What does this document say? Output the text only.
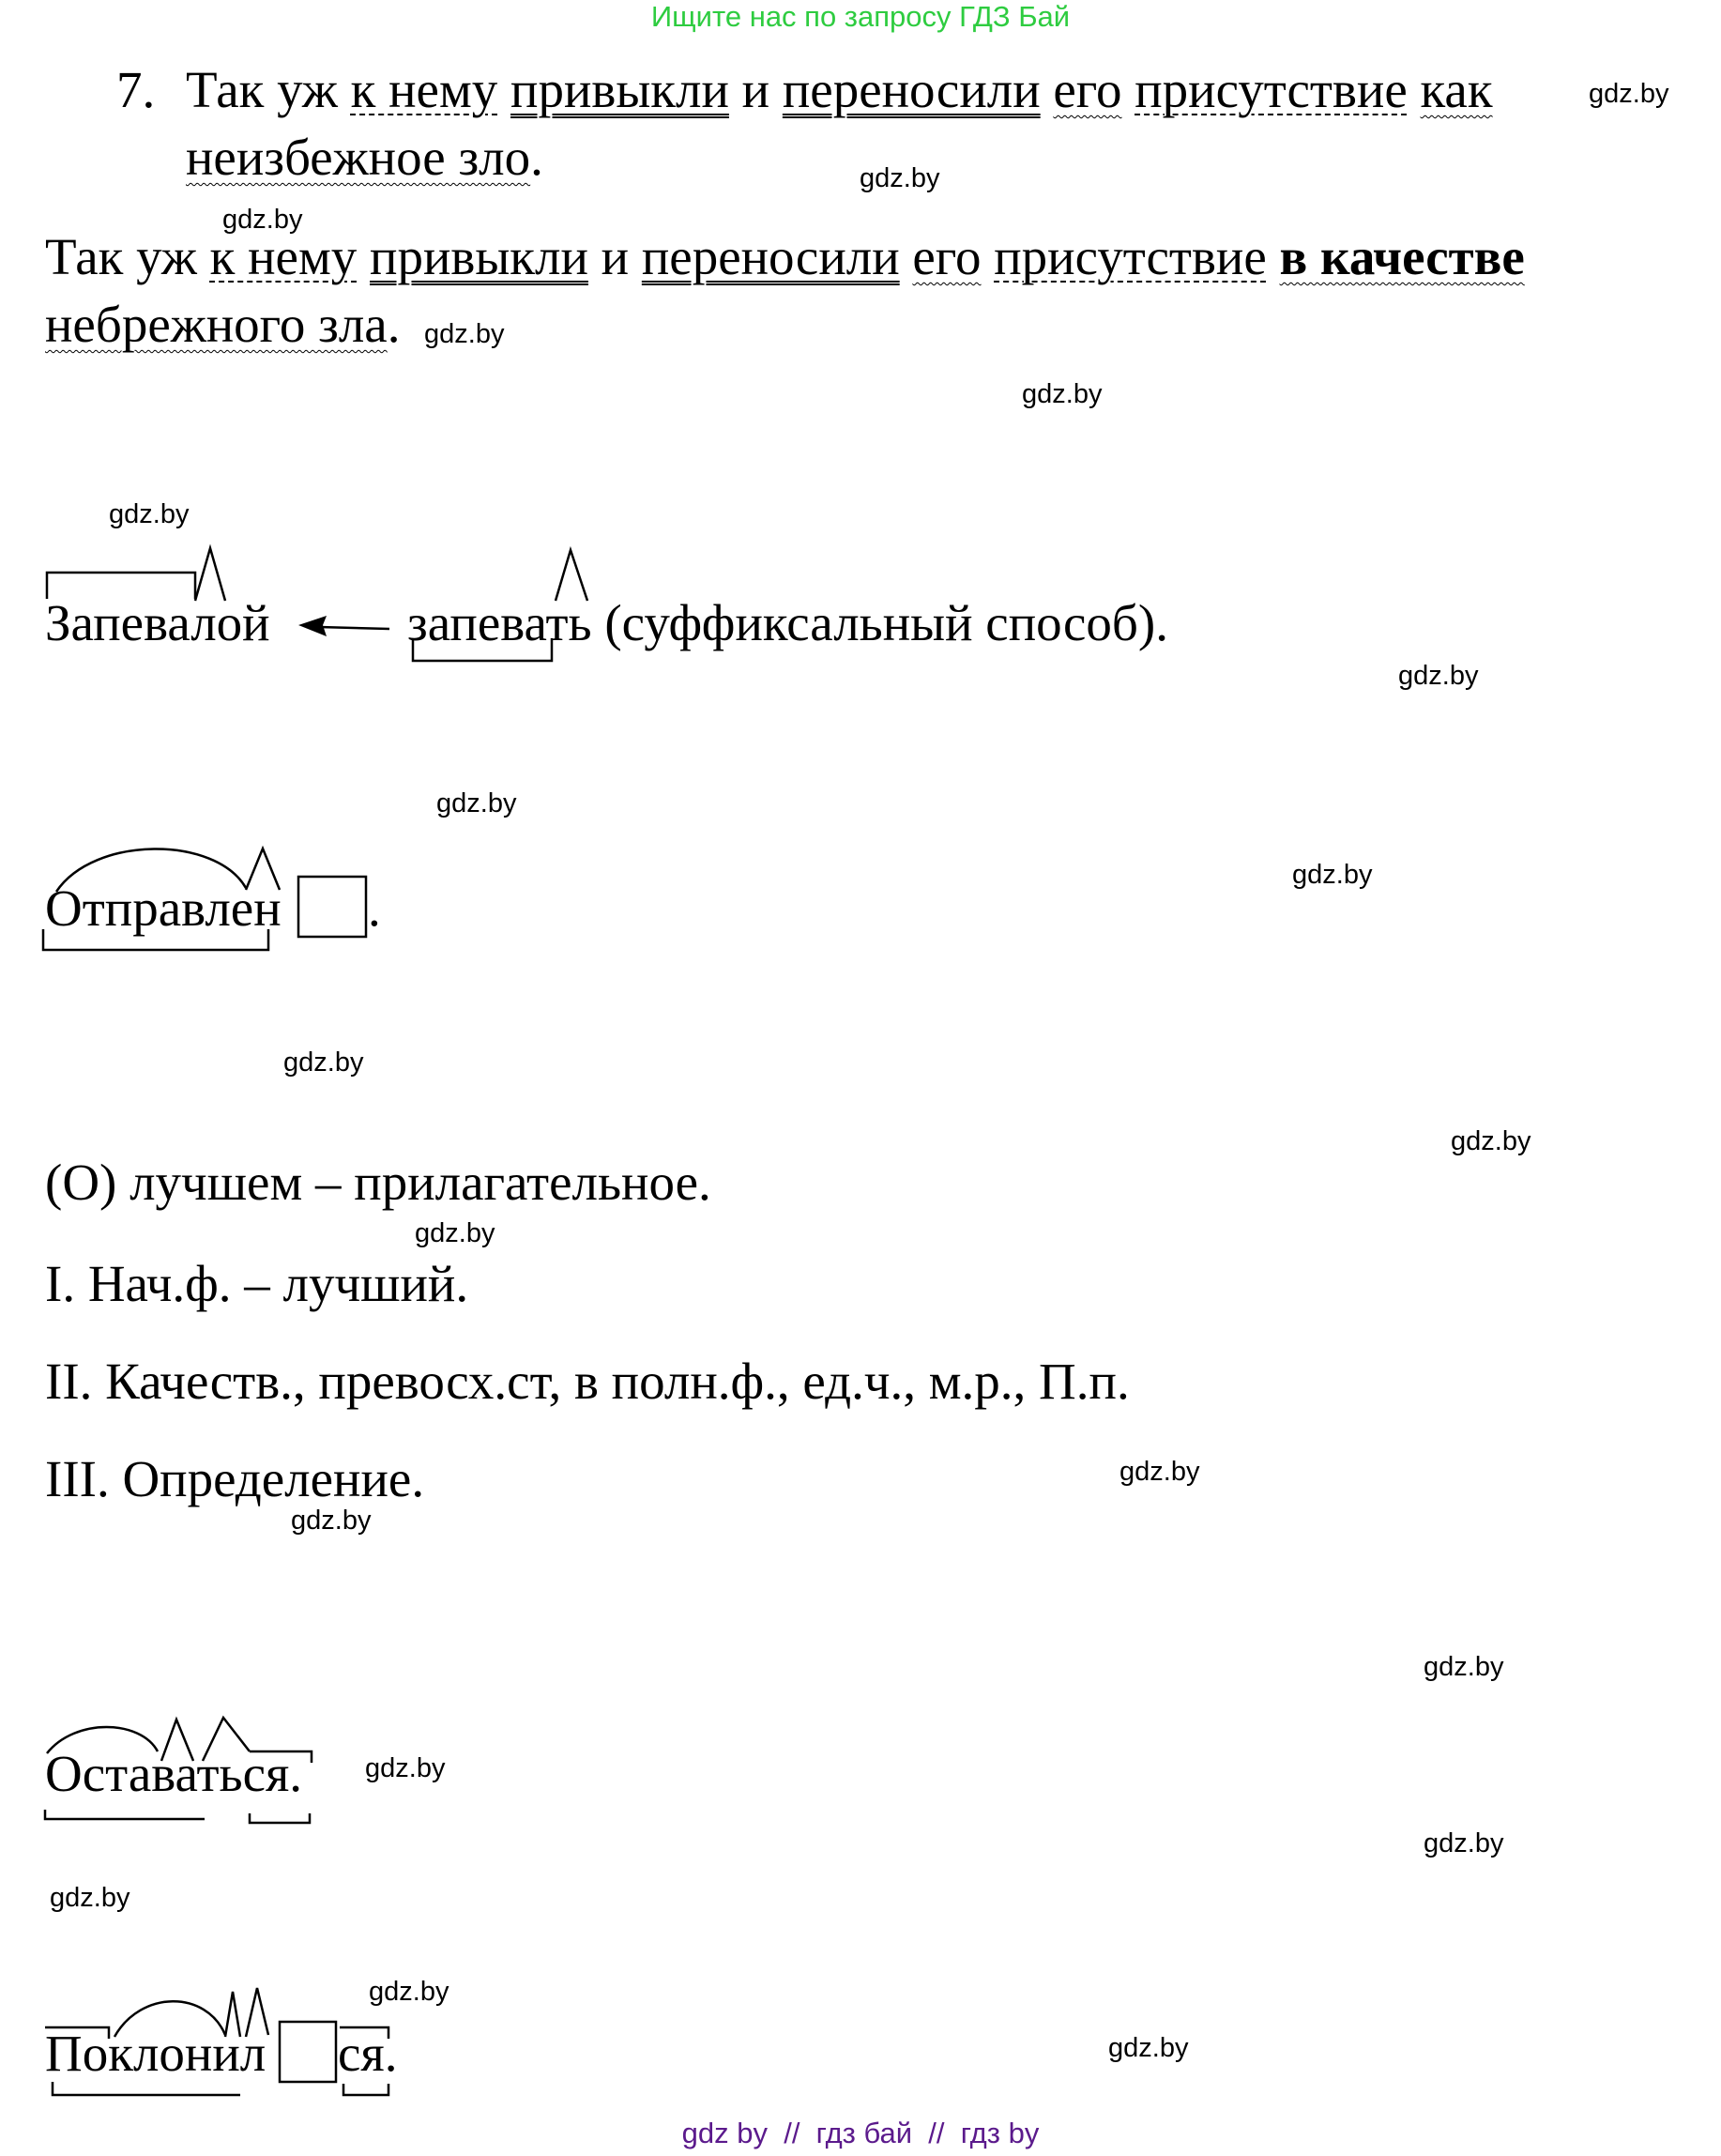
Ищите нас по запросу ГДЗ Бай
7. Так уж к нему привыкли и переносили его присутствие как
неизбежное зло.
Так уж к нему привыкли и переносили его присутствие в качестве
небрежного зла.
Запевалой	запевать (суффиксальный способ).
Отправлен .
(О) лучшем – прилагательное.
I. Нач.ф. – лучший.
II. Качеств., превосх.ст, в полн.ф., ед.ч., м.р., П.п.
III. Определение.
Оставаться.
Поклонил ся.
gdz.by
gdz.by
gdz.by
gdz.by
gdz.by
gdz.by
gdz.by
gdz.by
gdz.by
gdz.by
gdz.by
gdz.by
gdz.by
gdz.by
gdz.by
gdz.by
gdz.by
gdz.by
gdz.by
gdz.by
gdz by  //  гдз бай  //  гдз by
